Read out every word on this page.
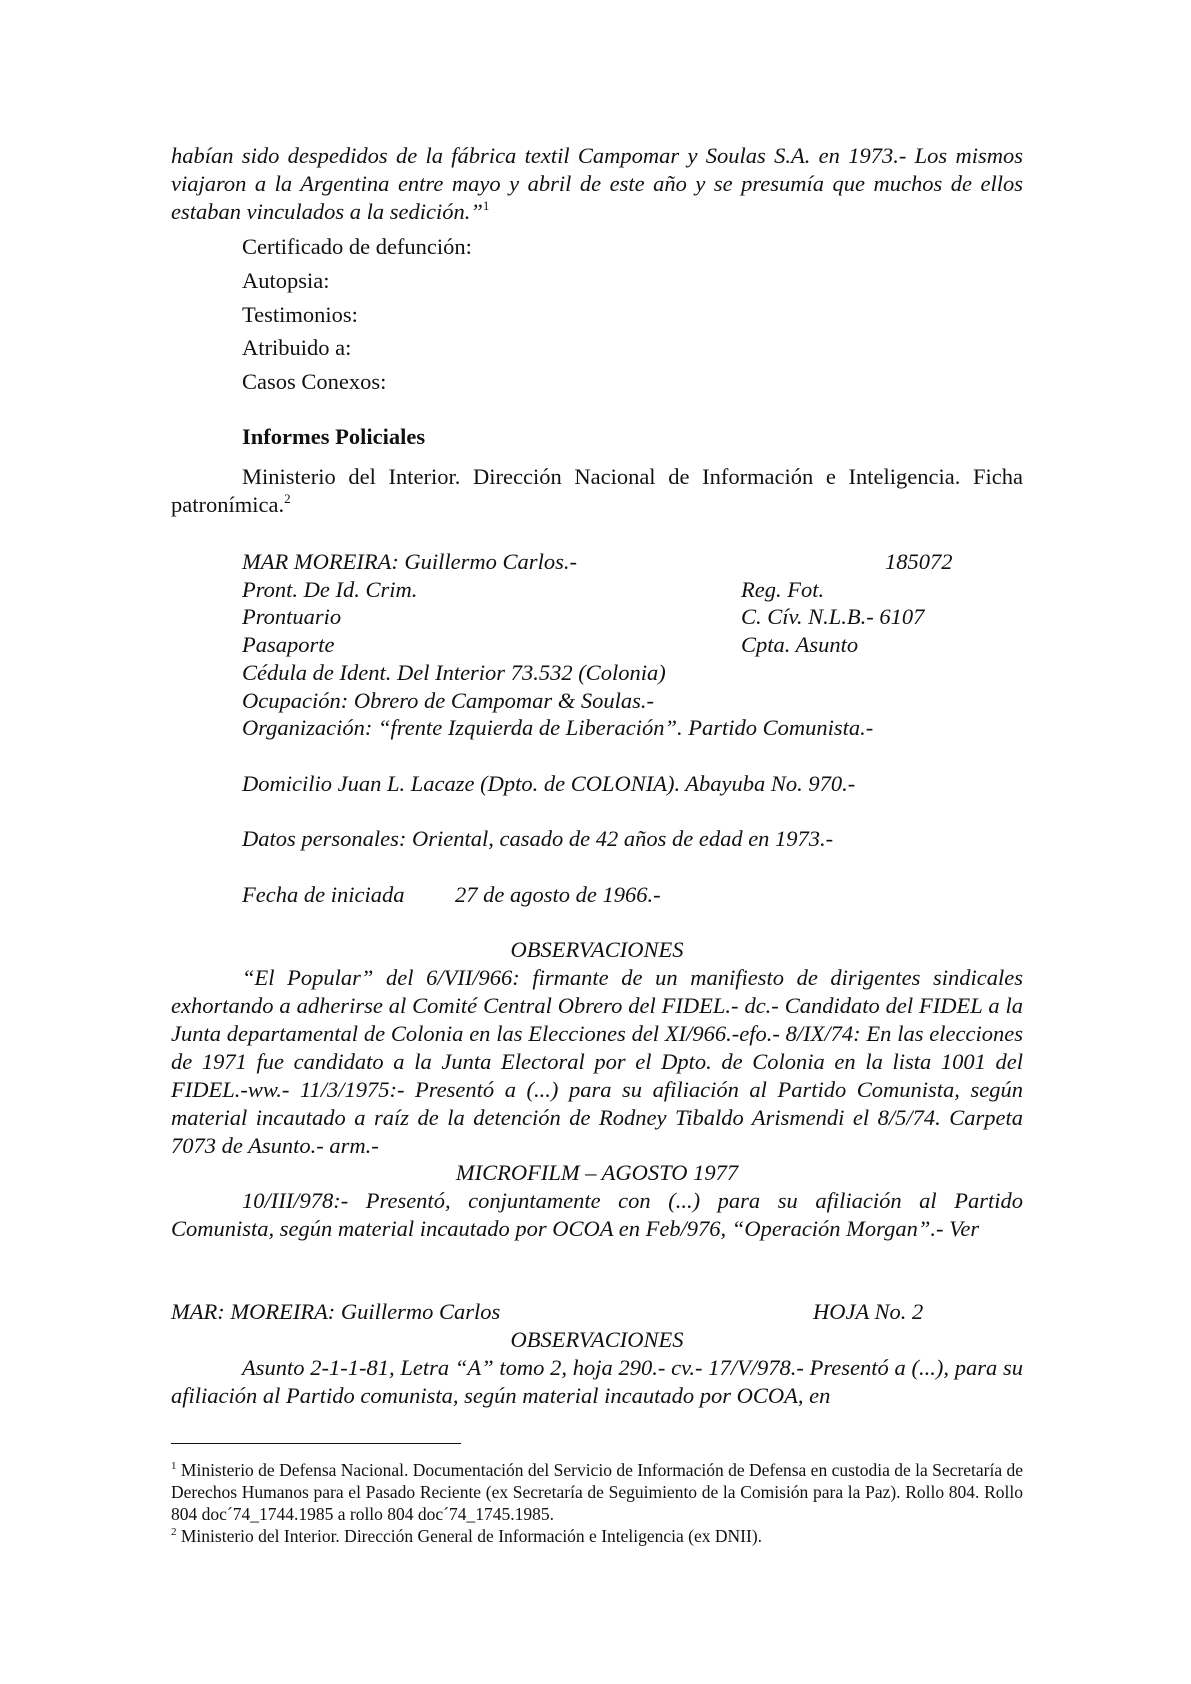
habían sido despedidos de la fábrica textil Campomar y Soulas S.A. en 1973.- Los mismos viajaron a la Argentina entre mayo y abril de este año y se presumía que muchos de ellos estaban vinculados a la sedición.”$^1$
Certificado de defunción:
Autopsia:
Testimonios:
Atribuido a:
Casos Conexos:
Informes Policiales
Ministerio del Interior. Dirección Nacional de Información e Inteligencia. Ficha patronímica.$^2$
MAR MOREIRA: Guillermo Carlos.-	185072
Pront. De Id. Crim.	Reg. Fot.
Prontuario	C. Cív. N.L.B.- 6107
Pasaporte	Cpta. Asunto
Cédula de Ident. Del Interior 73.532 (Colonia)
Ocupación: Obrero de Campomar & Soulas.-
Organización: “frente Izquierda de Liberación”. Partido Comunista.-
Domicilio Juan L. Lacaze (Dpto. de COLONIA). Abayuba No. 970.-
Datos personales: Oriental, casado de 42 años de edad en 1973.-
Fecha de iniciada 27 de agosto de 1966.-
OBSERVACIONES
“El Popular” del 6/VII/966: firmante de un manifiesto de dirigentes sindicales exhortando a adherirse al Comité Central Obrero del FIDEL.- dc.- Candidato del FIDEL a la Junta departamental de Colonia en las Elecciones del XI/966.-efo.- 8/IX/74: En las elecciones de 1971 fue candidato a la Junta Electoral por el Dpto. de Colonia en la lista 1001 del FIDEL.-ww.- 11/3/1975:- Presentó a (...) para su afiliación al Partido Comunista, según material incautado a raíz de la detención de Rodney Tibaldo Arismendi el 8/5/74. Carpeta 7073 de Asunto.- arm.-
MICROFILM – AGOSTO 1977
10/III/978:- Presentó, conjuntamente con (...) para su afiliación al Partido Comunista, según material incautado por OCOA en Feb/976, “Operación Morgan”.- Ver
MAR: MOREIRA: Guillermo Carlos	HOJA No. 2
OBSERVACIONES
Asunto 2-1-1-81, Letra “A” tomo 2, hoja 290.- cv.- 17/V/978.- Presentó a (...), para su afiliación al Partido comunista, según material incautado por OCOA, en
$^1$ Ministerio de Defensa Nacional. Documentación del Servicio de Información de Defensa en custodia de la Secretaría de Derechos Humanos para el Pasado Reciente (ex Secretaría de Seguimiento de la Comisión para la Paz). Rollo 804. Rollo 804 doc´74_1744.1985 a rollo 804 doc´74_1745.1985.
$^2$ Ministerio del Interior. Dirección General de Información e Inteligencia (ex DNII).
